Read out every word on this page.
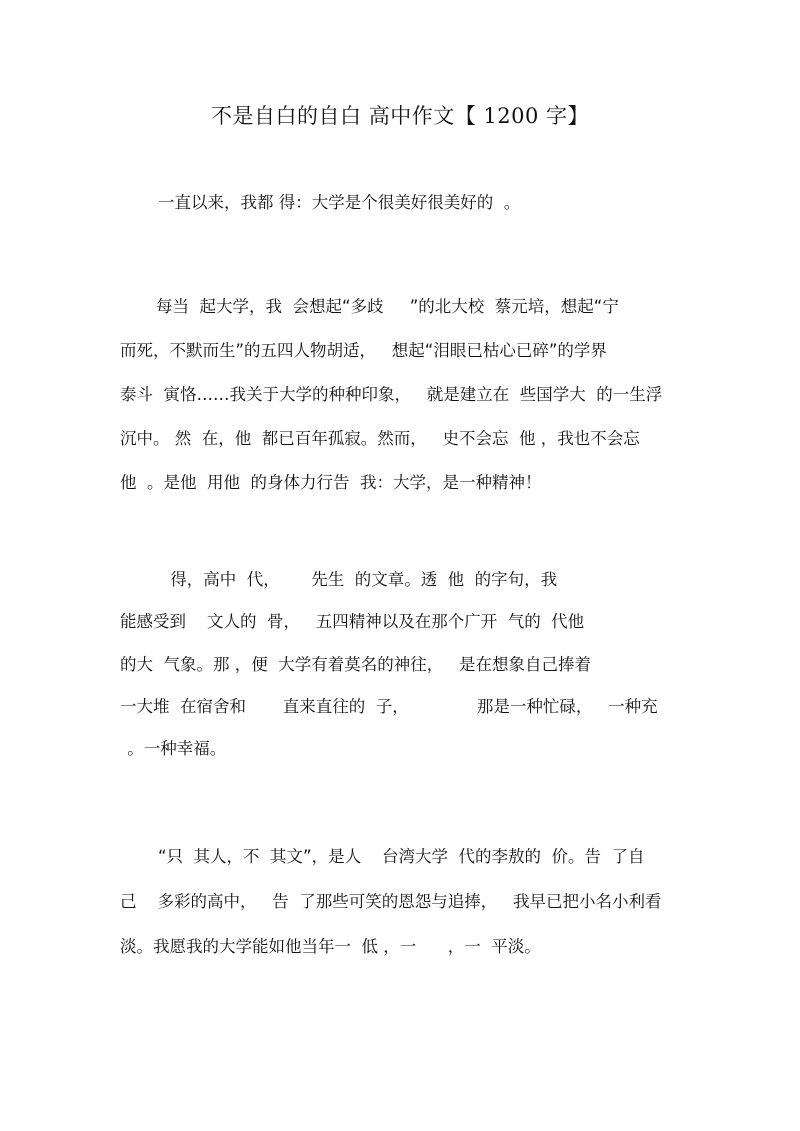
不是自白的自白 高中作文【 1200 字】
一直以来，我都 得：大学是个很美好很美好的  。
每当  起大学，我  会想起“多歧     ”的北大校  蔡元培，想起“宁
而死，不默而生”的五四人物胡适，   想起“泪眼已枯心已碎”的学界
泰斗  寅恪……我关于大学的种种印象，   就是建立在  些国学大  的一生浮
沉中。 然  在，他  都已百年孤寂。然而，   史不会忘  他 ，我也不会忘
他  。是他  用他  的身体力行告  我：大学，是一种精神！
得，高中  代，      先生  的文章。透  他  的字句，我
能感受到    文人的  骨，   五四精神以及在那个广开  气的  代他
的大  气象。那 ，便  大学有着莫名的神往，   是在想象自己捧着
一大堆  在宿舍和       直来直往的  子，             那是一种忙碌，   一种充
。一种幸福。
“只  其人，不  其文”，是人    台湾大学  代的李敖的  价。告  了自
己    多彩的高中，   告  了那些可笑的恩怨与追捧，   我早已把小名小利看
淡。我愿我的大学能如他当年一  低 ，一      ，一  平淡。
